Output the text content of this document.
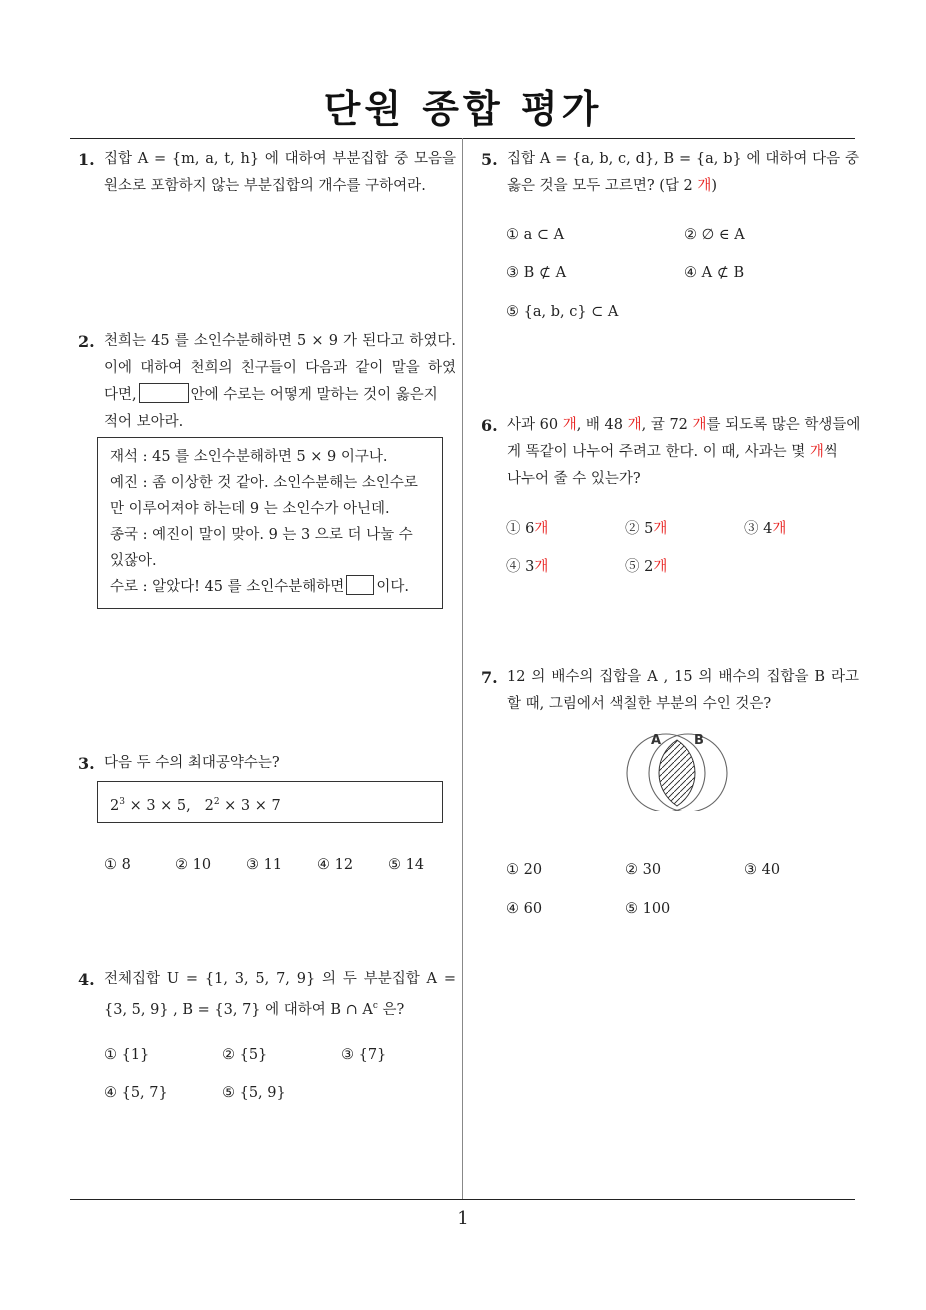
단원 종합 평가
1. 집합 A = {m, a, t, h} 에 대하여 부분집합 중 모음을
원소로 포함하지 않는 부분집합의 개수를 구하여라.
2. 천희는 45 를 소인수분해하면 5 × 9 가 된다고 하였다.
이에 대하여 천희의 친구들이 다음과 같이 말을 하였
다면,	안에 수로는 어떻게 말하는 것이 옳은지
적어 보아라.
재석 : 45 를 소인수분해하면 5 × 9 이구나.
예진 : 좀 이상한 것 같아. 소인수분해는 소인수로
만 이루어져야 하는데 9 는 소인수가 아닌데.
종국 : 예진이 말이 맞아. 9 는 3 으로 더 나눌 수
있잖아.
수로 : 알았다! 45 를 소인수분해하면 이다.
3. 다음 두 수의 최대공약수는?
$2^3 \times 3 \times 5$, $2^2 \times 3 \times 7$
① 8	② 10 ③ 11 ④ 12 ⑤ 14
4. 전체집합 U = {1, 3, 5, 7, 9} 의 두 부분집합 A =
{3, 5, 9} , B = {3, 7} 에 대하여 B ∩ $A^c$ 은?
① {1}	② {5}	③ {7}
④ {5, 7}	⑤ {5, 9}
5. 집합 A = {a, b, c, d}, B = {a, b} 에 대하여 다음 중
옳은 것을 모두 고르면? (답 2 개)
① a ⊂ A	② ∅ ∈ A
③ B ⊄ A	④ A ⊄ B
⑤ {a, b, c} ⊂ A
6. 사과 60 개, 배 48 개, 귤 72 개를 되도록 많은 학생들에
게 똑같이 나누어 주려고 한다. 이 때, 사과는 몇 개씩
나누어 줄 수 있는가?
① 6개	② 5개	③ 4개
④ 3개	⑤ 2개
7. 12 의 배수의 집합을 A , 15 의 배수의 집합을 B 라고
할 때, 그림에서 색칠한 부분의 수인 것은?
A	B
① 20	② 30	③ 40
④ 60	⑤ 100
1
